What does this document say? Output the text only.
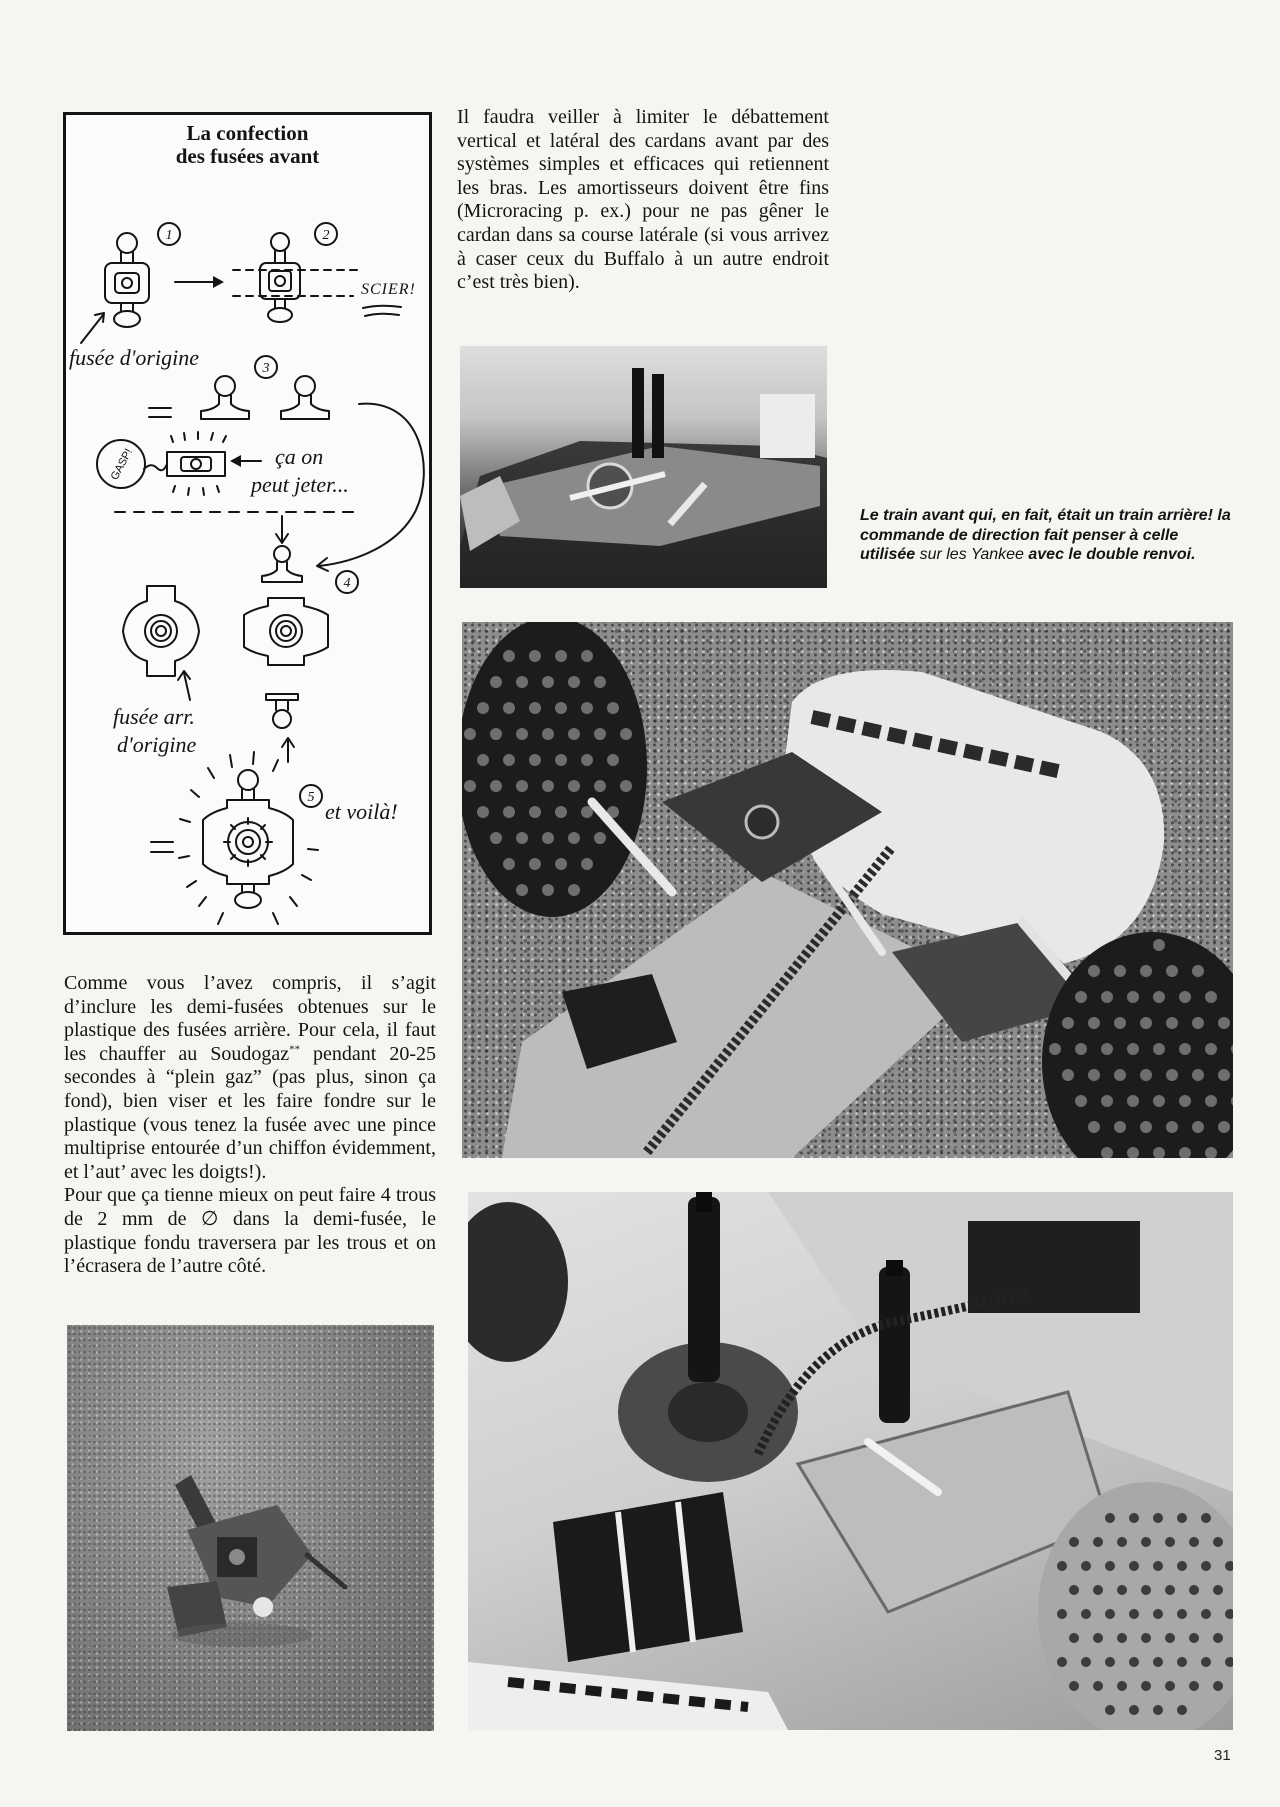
La confection
des fusées avant
1
fusée d'origine
2
SCIER!
3
GASP!	ça on
peut jeter...
4
fusée arr.
d'origine
5
et voilà!
Il faudra veiller à limiter le débattement vertical et latéral des cardans avant par des systèmes simples et efficaces qui retiennent les bras. Les amortisseurs doivent être fins (Microracing p. ex.) pour ne pas gêner le cardan dans sa course latérale (si vous arrivez à caser ceux du Buffalo à un autre endroit c’est très bien).
Le train avant qui, en fait, était un train arrière! la commande de direction fait penser à celle utilisée sur les Yankee avec le double renvoi.

Comme vous l’avez compris, il s’agit d’inclure les demi-fusées obtenues sur le plastique des fusées arrière. Pour cela, il faut les chauffer au Soudogaz** pendant 20-25 secondes à “plein gaz” (pas plus, sinon ça fond), bien viser et les faire fondre sur le plastique (vous tenez la fusée avec une pince multiprise entourée d’un chiffon évidemment, et l’aut’ avec les doigts!).

Pour que ça tienne mieux on peut faire 4 trous de 2 mm de ∅ dans la demi-fusée, le plastique fondu traversera par les trous et on l’écrasera de l’autre côté.

31
